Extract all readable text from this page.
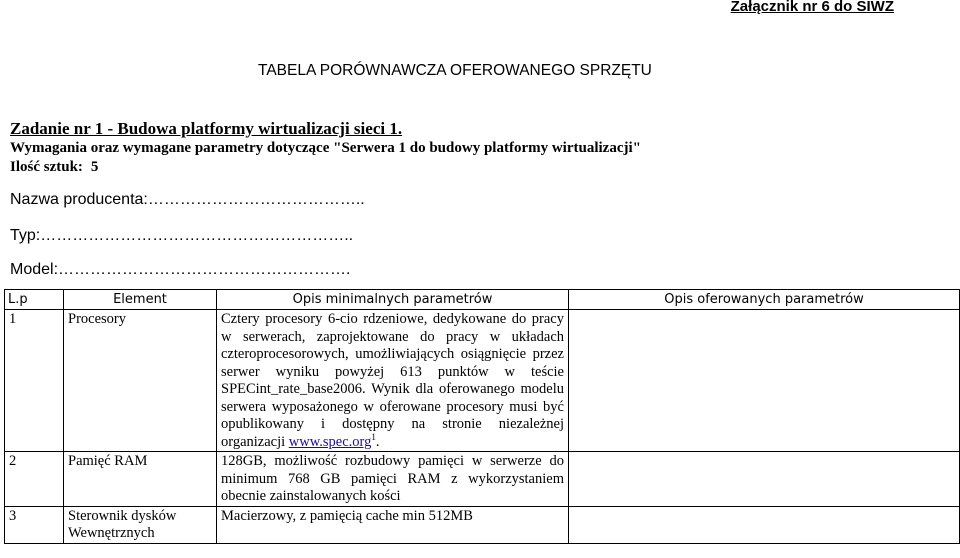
Załącznik nr 6 do SIWZ
TABELA PORÓWNAWCZA OFEROWANEGO SPRZĘTU
Zadanie nr 1 - Budowa platformy wirtualizacji sieci 1.
Wymagania oraz wymagane parametry dotyczące "Serwera 1 do budowy platformy wirtualizacji"
Ilość sztuk: 5
Nazwa producenta:…………………………………..
Typ:…………………………………………………..
Model:……………………………………………….
L.p	Element	Opis minimalnych parametrów	Opis oferowanych parametrów
1	Procesory	Cztery procesory 6-cio rdzeniowe, dedykowane do pracy w serwerach, zaprojektowane do pracy w układach czteroprocesorowych, umożliwiających osiągnięcie przez serwer wyniku powyżej 613 punktów w teście SPECint_rate_base2006. Wynik dla oferowanego modelu serwera wyposażonego w oferowane procesory musi być opublikowany i dostępny na stronie niezależnej organizacji www.spec.org$^1$.	
2	Pamięć RAM	128GB, możliwość rozbudowy pamięci w serwerze do minimum 768 GB pamięci RAM z wykorzystaniem obecnie zainstalowanych kości	
3	Sterownik dysków Wewnętrznych	Macierzowy, z pamięcią cache min 512MB	
